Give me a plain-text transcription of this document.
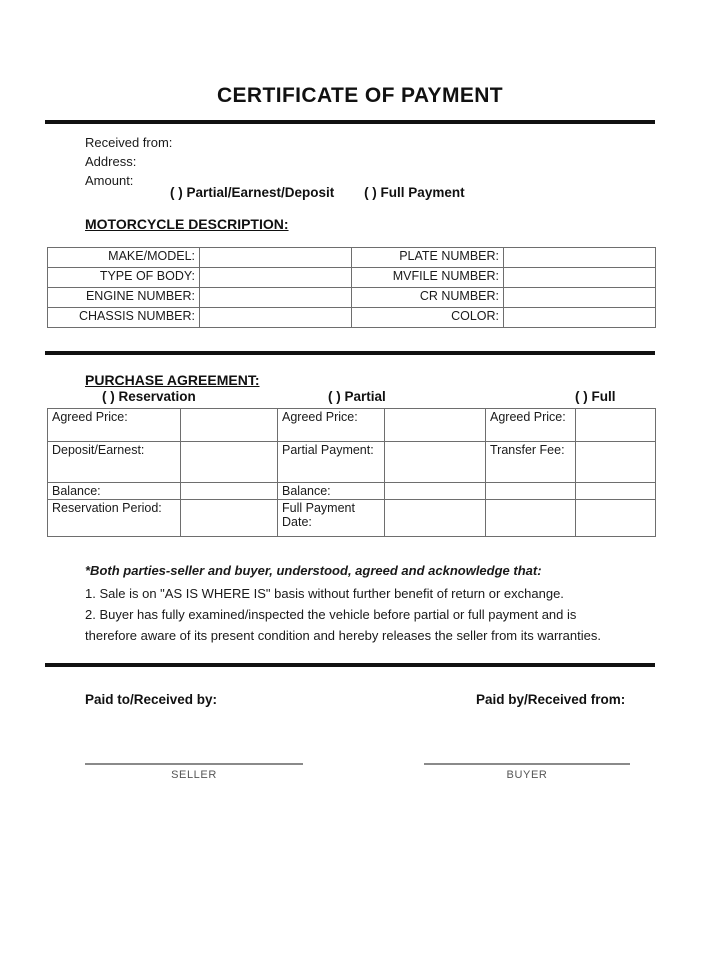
CERTIFICATE OF PAYMENT
Received from:
Address:
Amount:
( ) Partial/Earnest/Deposit ( ) Full Payment
MOTORCYCLE DESCRIPTION:
MAKE/MODEL:		PLATE NUMBER:	
TYPE OF BODY:		MVFILE NUMBER:	
ENGINE NUMBER:		CR NUMBER:	
CHASSIS NUMBER:		COLOR:	
PURCHASE AGREEMENT:
( ) Reservation	( ) Partial	( ) Full
Agreed Price:		Agreed Price:		Agreed Price:	
Deposit/Earnest:		Partial Payment:		Transfer Fee:	
Balance:		Balance:			
Reservation Period:		Full Payment Date:			
*Both parties-seller and buyer, understood, agreed and acknowledge that:
1. Sale is on "AS IS WHERE IS" basis without further benefit of return or exchange.
2. Buyer has fully examined/inspected the vehicle before partial or full payment and is therefore aware of its present condition and hereby releases the seller from its warranties.
Paid to/Received by:	Paid by/Received from:
SELLER	BUYER
